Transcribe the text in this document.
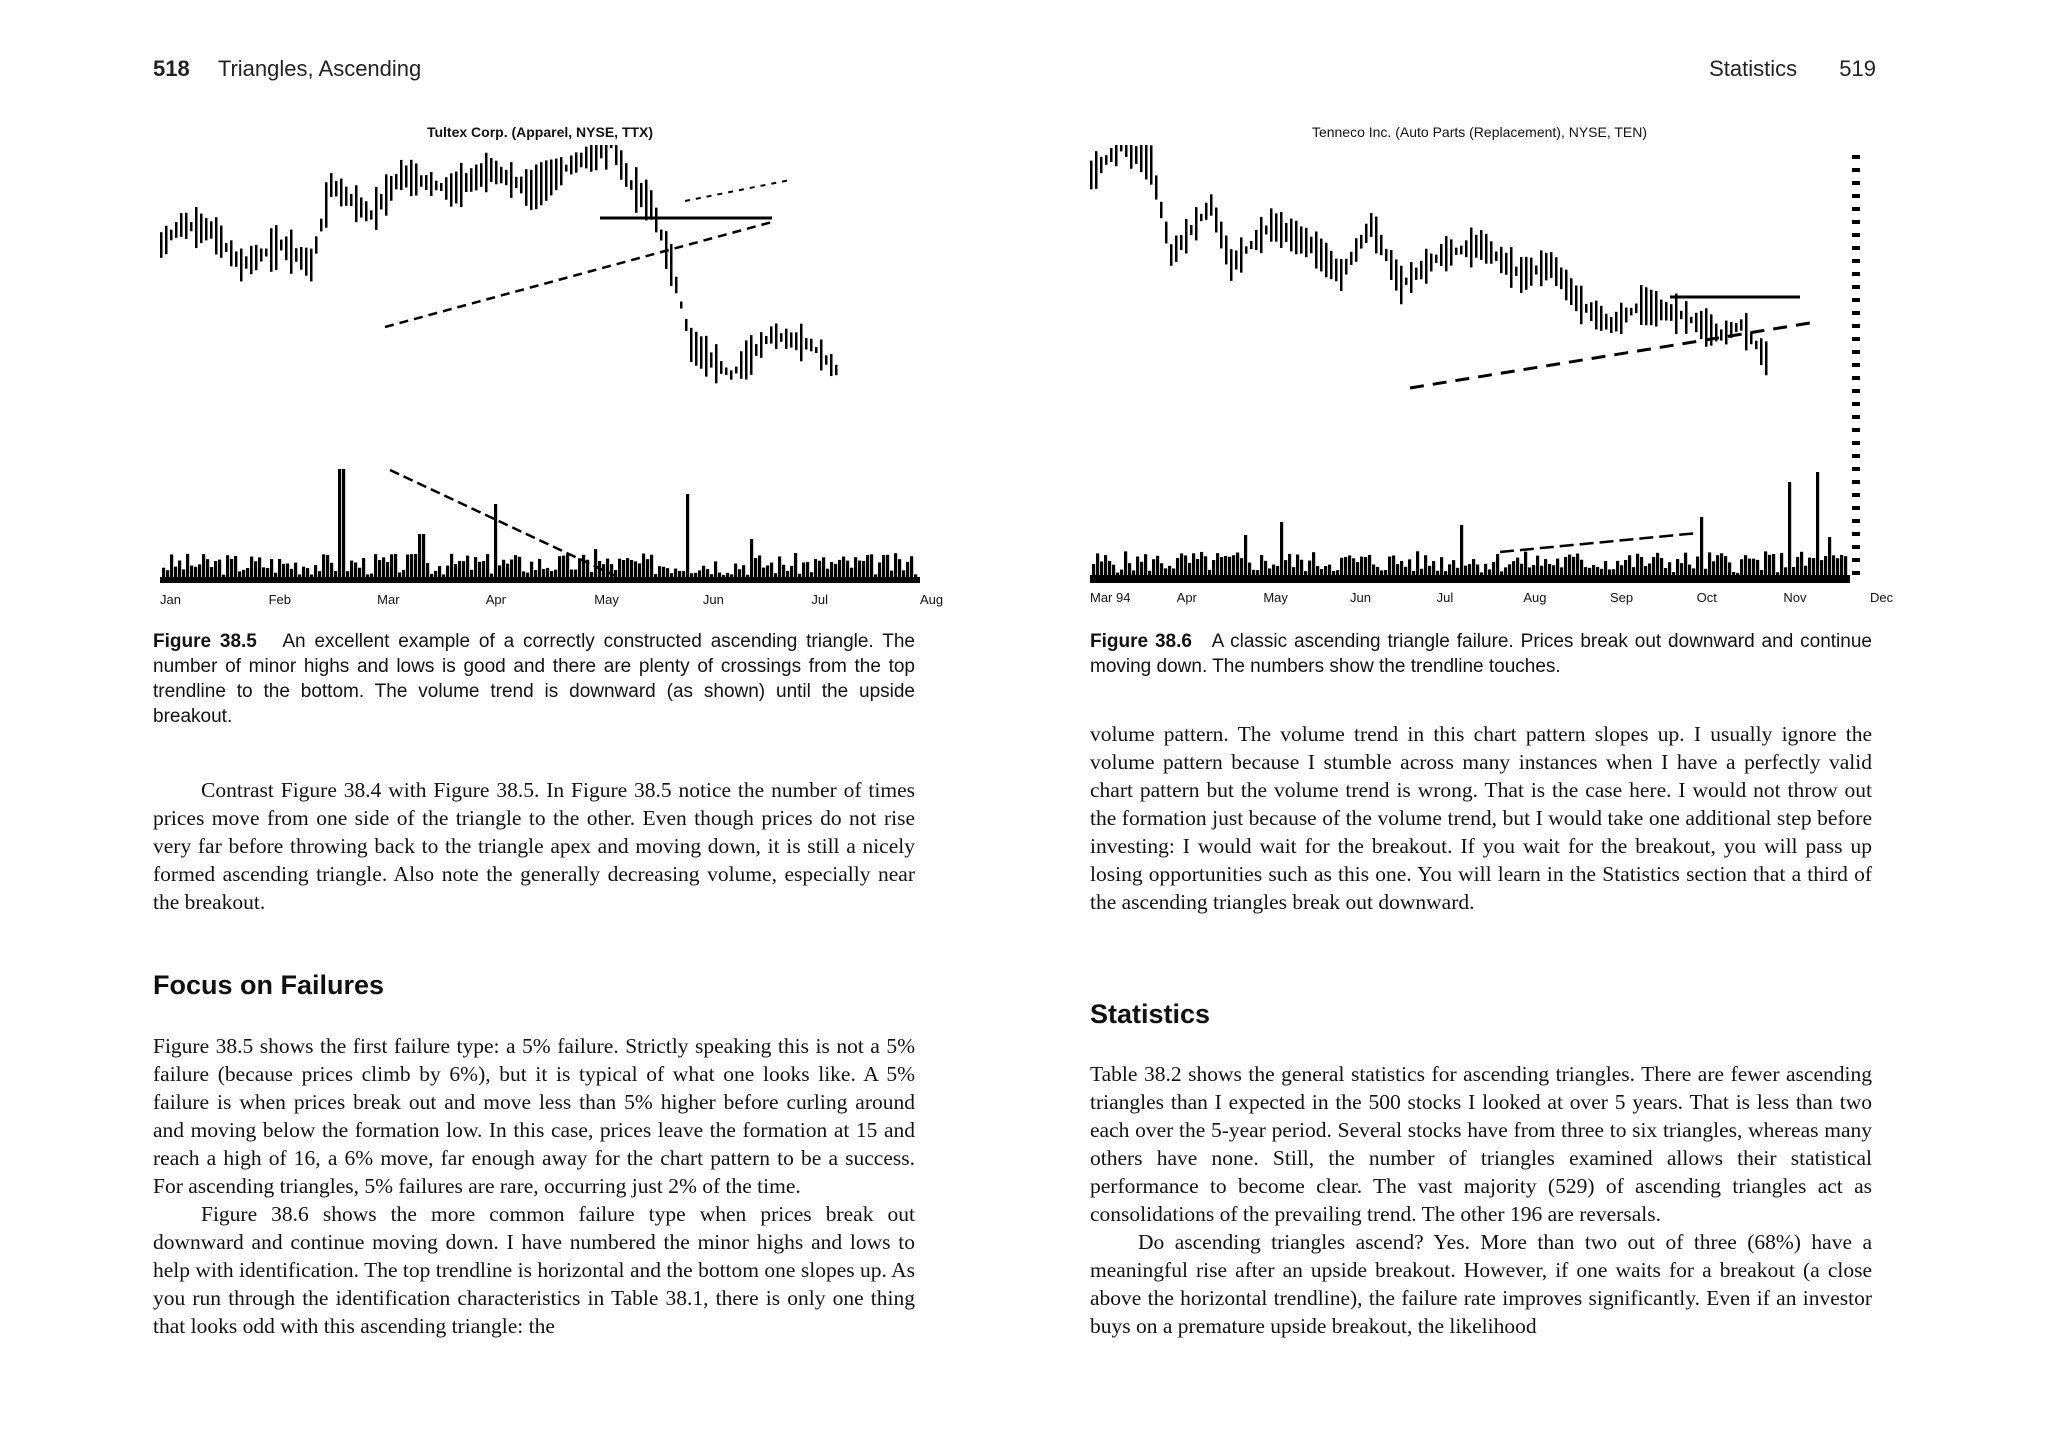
518 Triangles, Ascending
Tultex Corp. (Apparel, NYSE, TTX)
Jan	Feb	Mar	Apr	May	Jun	Jul	Aug
Figure 38.5 An excellent example of a correctly constructed ascending triangle. The number of minor highs and lows is good and there are plenty of crossings from the top trendline to the bottom. The volume trend is downward (as shown) until the upside breakout.

Contrast Figure 38.4 with Figure 38.5. In Figure 38.5 notice the number of times prices move from one side of the triangle to the other. Even though prices do not rise very far before throwing back to the triangle apex and moving down, it is still a nicely formed ascending triangle. Also note the generally decreasing volume, especially near the breakout.

Focus on Failures

Figure 38.5 shows the first failure type: a 5% failure. Strictly speaking this is not a 5% failure (because prices climb by 6%), but it is typical of what one looks like. A 5% failure is when prices break out and move less than 5% higher before curling around and moving below the formation low. In this case, prices leave the formation at 15 and reach a high of 16, a 6% move, far enough away for the chart pattern to be a success. For ascending triangles, 5% failures are rare, occurring just 2% of the time.

Figure 38.6 shows the more common failure type when prices break out downward and continue moving down. I have numbered the minor highs and lows to help with identification. The top trendline is horizontal and the bottom one slopes up. As you run through the identification characteristics in Table 38.1, there is only one thing that looks odd with this ascending triangle: the

Statistics 519
Tenneco Inc. (Auto Parts (Replacement), NYSE, TEN)
Mar 94	Apr	May	Jun	Jul	Aug	Sep	Oct	Nov	Dec
Figure 38.6 A classic ascending triangle failure. Prices break out downward and continue moving down. The numbers show the trendline touches.

volume pattern. The volume trend in this chart pattern slopes up. I usually ignore the volume pattern because I stumble across many instances when I have a perfectly valid chart pattern but the volume trend is wrong. That is the case here. I would not throw out the formation just because of the volume trend, but I would take one additional step before investing: I would wait for the breakout. If you wait for the breakout, you will pass up losing opportunities such as this one. You will learn in the Statistics section that a third of the ascending triangles break out downward.

Statistics

Table 38.2 shows the general statistics for ascending triangles. There are fewer ascending triangles than I expected in the 500 stocks I looked at over 5 years. That is less than two each over the 5-year period. Several stocks have from three to six triangles, whereas many others have none. Still, the number of triangles examined allows their statistical performance to become clear. The vast majority (529) of ascending triangles act as consolidations of the prevailing trend. The other 196 are reversals.

Do ascending triangles ascend? Yes. More than two out of three (68%) have a meaningful rise after an upside breakout. However, if one waits for a breakout (a close above the horizontal trendline), the failure rate improves significantly. Even if an investor buys on a premature upside breakout, the likelihood
